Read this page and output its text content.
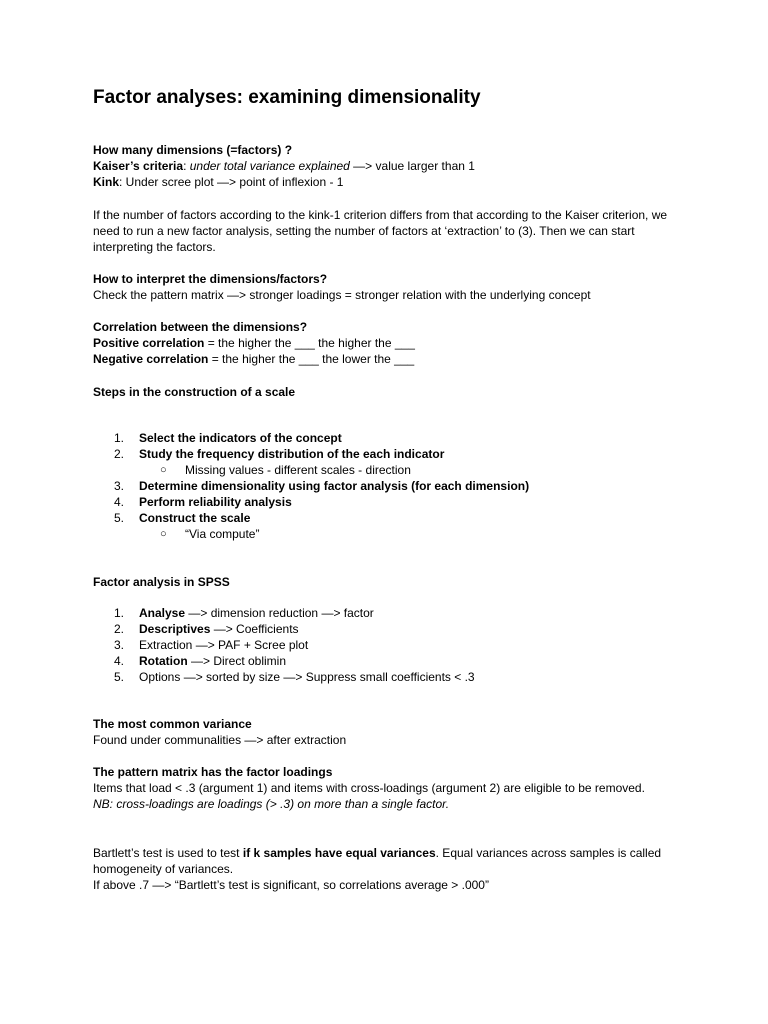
Factor analyses: examining dimensionality
How many dimensions (=factors) ?
Kaiser’s criteria: under total variance explained —> value larger than 1
Kink: Under scree plot —> point of inflexion - 1
If the number of factors according to the kink-1 criterion differs from that according to the Kaiser criterion, we need to run a new factor analysis, setting the number of factors at ‘extraction’ to (3). Then we can start interpreting the factors.
How to interpret the dimensions/factors?
Check the pattern matrix —> stronger loadings = stronger relation with the underlying concept
Correlation between the dimensions?
Positive correlation = the higher the ___ the higher the ___
Negative correlation = the higher the ___ the lower the ___
Steps in the construction of a scale
1. Select the indicators of the concept
2. Study the frequency distribution of the each indicator
○ Missing values - different scales - direction
3. Determine dimensionality using factor analysis (for each dimension)
4. Perform reliability analysis
5. Construct the scale
○ “Via compute”
Factor analysis in SPSS
1. Analyse —> dimension reduction —> factor
2. Descriptives —> Coefficients
3. Extraction —> PAF + Scree plot
4. Rotation —> Direct oblimin
5. Options —> sorted by size —> Suppress small coefficients < .3
The most common variance
Found under communalities —> after extraction
The pattern matrix has the factor loadings
Items that load < .3 (argument 1) and items with cross-loadings (argument 2) are eligible to be removed.
NB: cross-loadings are loadings (> .3) on more than a single factor.
Bartlett’s test is used to test if k samples have equal variances. Equal variances across samples is called homogeneity of variances.
If above .7 —> “Bartlett’s test is significant, so correlations average > .000”
